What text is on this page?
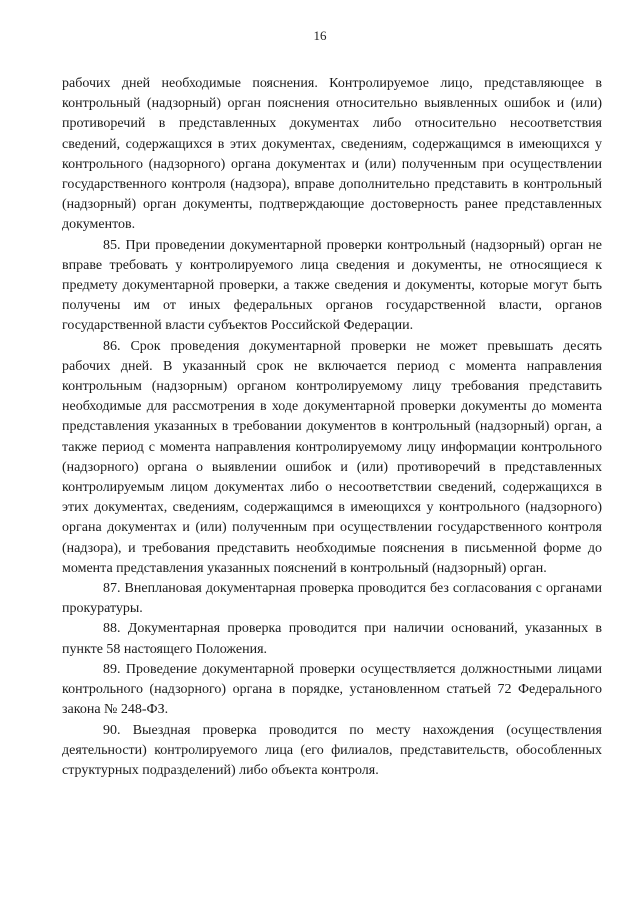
16

рабочих дней необходимые пояснения. Контролируемое лицо, представляющее в контрольный (надзорный) орган пояснения относительно выявленных ошибок и (или) противоречий в представленных документах либо относительно несоответствия сведений, содержащихся в этих документах, сведениям, содержащимся в имеющихся у контрольного (надзорного) органа документах и (или) полученным при осуществлении государственного контроля (надзора), вправе дополнительно представить в контрольный (надзорный) орган документы, подтверждающие достоверность ранее представленных документов.

85. При проведении документарной проверки контрольный (надзорный) орган не вправе требовать у контролируемого лица сведения и документы, не относящиеся к предмету документарной проверки, а также сведения и документы, которые могут быть получены им от иных федеральных органов государственной власти, органов государственной власти субъектов Российской Федерации.

86. Срок проведения документарной проверки не может превышать десять рабочих дней. В указанный срок не включается период с момента направления контрольным (надзорным) органом контролируемому лицу требования представить необходимые для рассмотрения в ходе документарной проверки документы до момента представления указанных в требовании документов в контрольный (надзорный) орган, а также период с момента направления контролируемому лицу информации контрольного (надзорного) органа о выявлении ошибок и (или) противоречий в представленных контролируемым лицом документах либо о несоответствии сведений, содержащихся в этих документах, сведениям, содержащимся в имеющихся у контрольного (надзорного) органа документах и (или) полученным при осуществлении государственного контроля (надзора), и требования представить необходимые пояснения в письменной форме до момента представления указанных пояснений в контрольный (надзорный) орган.

87. Внеплановая документарная проверка проводится без согласования с органами прокуратуры.

88. Документарная проверка проводится при наличии оснований, указанных в пункте 58 настоящего Положения.

89. Проведение документарной проверки осуществляется должностными лицами контрольного (надзорного) органа в порядке, установленном статьей 72 Федерального закона № 248-ФЗ.

90. Выездная проверка проводится по месту нахождения (осуществления деятельности) контролируемого лица (его филиалов, представительств, обособленных структурных подразделений) либо объекта контроля.
